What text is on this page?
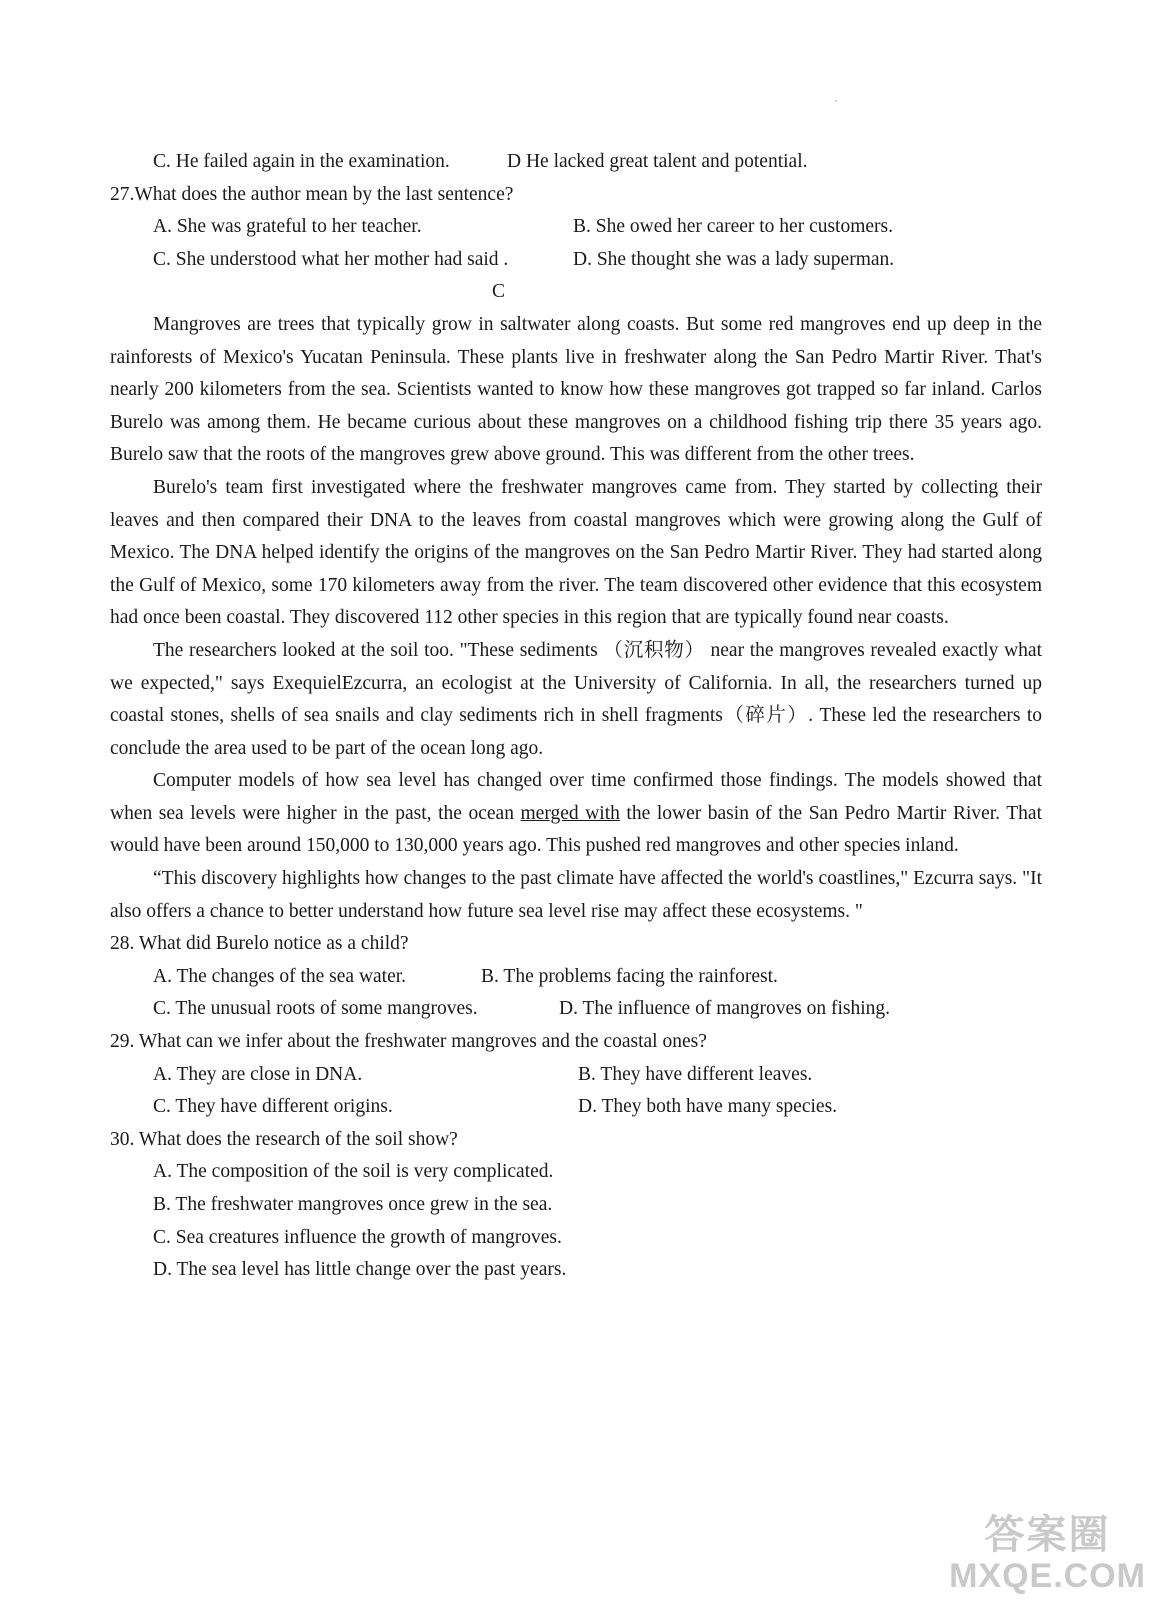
C. He failed again in the examination.	D He lacked great talent and potential.
27.What does the author mean by the last sentence?
A. She was grateful to her teacher.	B. She owed her career to her customers.
C. She understood what her mother had said .	D. She thought she was a lady superman.
C

Mangroves are trees that typically grow in saltwater along coasts. But some red mangroves end up deep in the rainforests of Mexico's Yucatan Peninsula. These plants live in freshwater along the San Pedro Martir River. That's nearly 200 kilometers from the sea. Scientists wanted to know how these mangroves got trapped so far inland. Carlos Burelo was among them. He became curious about these mangroves on a childhood fishing trip there 35 years ago. Burelo saw that the roots of the mangroves grew above ground. This was different from the other trees.

Burelo's team first investigated where the freshwater mangroves came from. They started by collecting their leaves and then compared their DNA to the leaves from coastal mangroves which were growing along the Gulf of Mexico. The DNA helped identify the origins of the mangroves on the San Pedro Martir River. They had started along the Gulf of Mexico, some 170 kilometers away from the river. The team discovered other evidence that this ecosystem had once been coastal. They discovered 112 other species in this region that are typically found near coasts.

The researchers looked at the soil too. "These sediments （沉积物） near the mangroves revealed exactly what we expected," says ExequielEzcurra, an ecologist at the University of California. In all, the researchers turned up coastal stones, shells of sea snails and clay sediments rich in shell fragments（碎片）. These led the researchers to conclude the area used to be part of the ocean long ago.

Computer models of how sea level has changed over time confirmed those findings. The models showed that when sea levels were higher in the past, the ocean merged with the lower basin of the San Pedro Martir River. That would have been around 150,000 to 130,000 years ago. This pushed red mangroves and other species inland.

“This discovery highlights how changes to the past climate have affected the world's coastlines," Ezcurra says. "It also offers a chance to better understand how future sea level rise may affect these ecosystems. "

28. What did Burelo notice as a child?
A. The changes of the sea water.	B. The problems facing the rainforest.
C. The unusual roots of some mangroves.	D. The influence of mangroves on fishing.
29. What can we infer about the freshwater mangroves and the coastal ones?
A. They are close in DNA.	B. They have different leaves.
C. They have different origins.	D. They both have many species.
30. What does the research of the soil show?
A. The composition of the soil is very complicated.
B. The freshwater mangroves once grew in the sea.
C. Sea creatures influence the growth of mangroves.
D. The sea level has little change over the past years.
答案圈
MXQE.COM
